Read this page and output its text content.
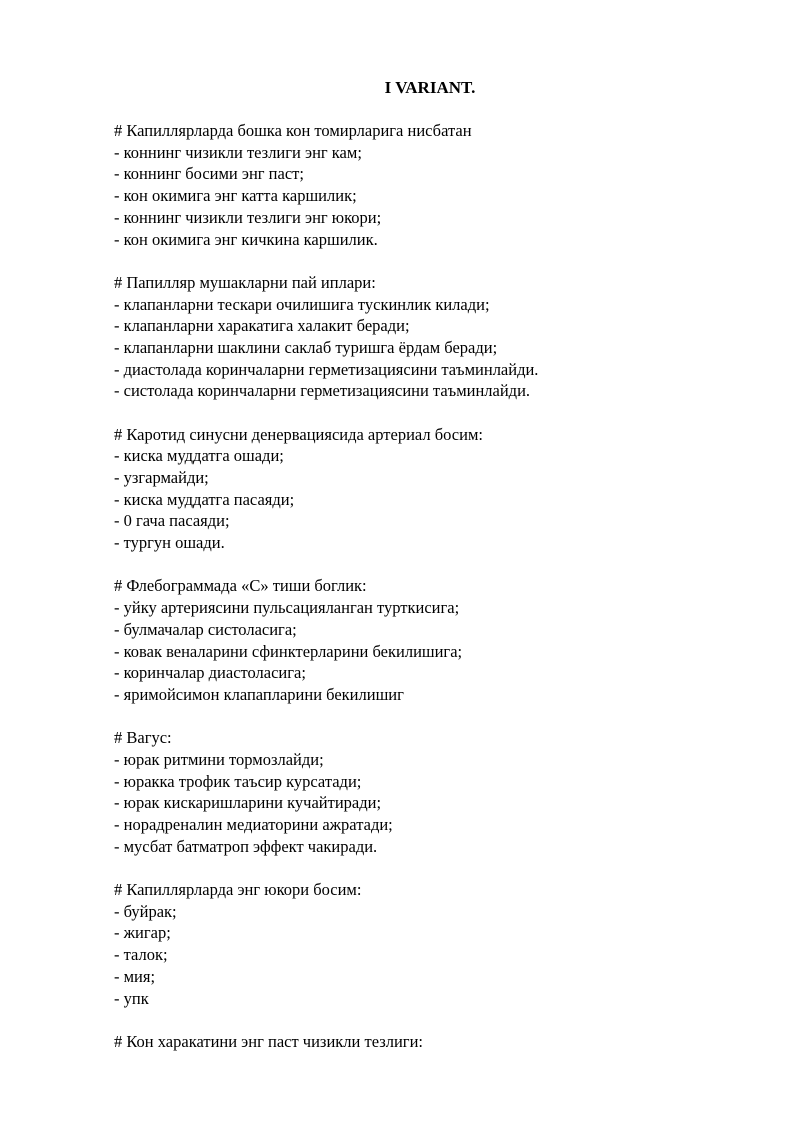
I VARIANT.

# Капиллярларда бошка кон томирларига нисбатан

- коннинг чизикли тезлиги энг кам;

- коннинг босими энг паст;

- кон окимига энг катта каршилик;

- коннинг чизикли тезлиги энг юкори;

- кон окимига энг кичкина каршилик.

# Папилляр мушакларни пай иплари:

- клапанларни тескари очилишига тускинлик килади;

- клапанларни харакатига халакит беради;

- клапанларни шаклини саклаб туришга ёрдам беради;

- диастолада коринчаларни герметизациясини таъминлайди.

- систолада коринчаларни герметизациясини таъминлайди.

# Каротид синусни денервациясида артериал босим:

- киска муддатга ошади;

- узгармайди;

- киска муддатга пасаяди;

- 0 гача пасаяди;

- тургун ошади.

# Флебограммада «С» тиши боглик:

- уйку артериясини пульсацияланган турткисига;

- булмачалар систоласига;

- ковак веналарини сфинктерларини бекилишига;

- коринчалар диастоласига;

- яримойсимон клапапларини бекилишиг

# Вагус:

- юрак ритмини тормозлайди;

- юракка трофик таъсир курсатади;

- юрак кискаришларини кучайтиради;

- норадреналин медиаторини ажратади;

- мусбат батматроп эффект чакиради.

# Капиллярларда энг юкори босим:

- буйрак;

- жигар;

- талок;

- мия;

- упк

# Кон харакатини энг паст чизикли тезлиги:
